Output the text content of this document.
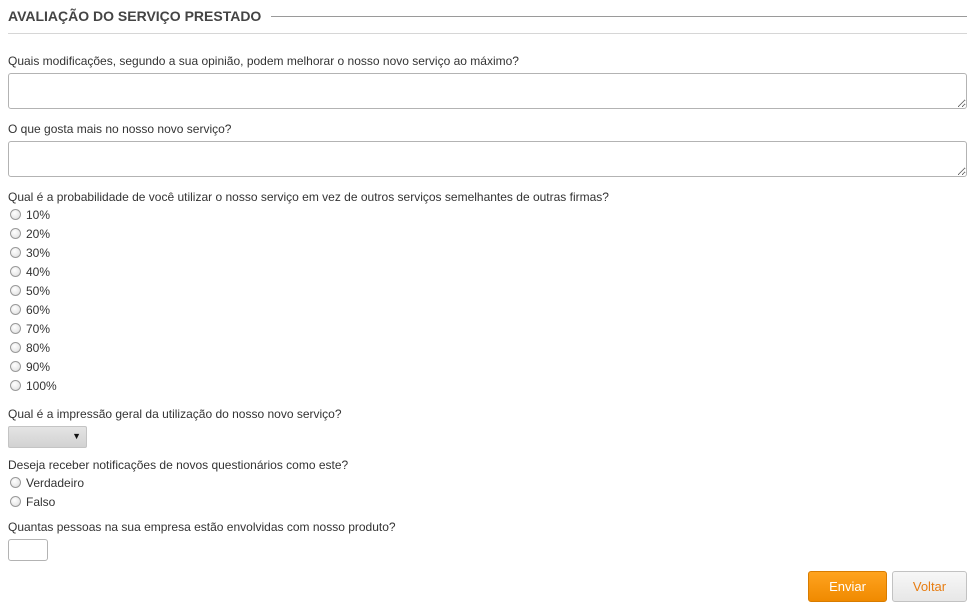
AVALIAÇÃO DO SERVIÇO PRESTADO
Quais modificações, segundo a sua opinião, podem melhorar o nosso novo serviço ao máximo?
O que gosta mais no nosso novo serviço?
Qual é a probabilidade de você utilizar o nosso serviço em vez de outros serviços semelhantes de outras firmas?
10%
20%
30%
40%
50%
60%
70%
80%
90%
100%
Qual é a impressão geral da utilização do nosso novo serviço?
▼
Deseja receber notificações de novos questionários como este?
Verdadeiro
Falso
Quantas pessoas na sua empresa estão envolvidas com nosso produto?
Enviar	Voltar
